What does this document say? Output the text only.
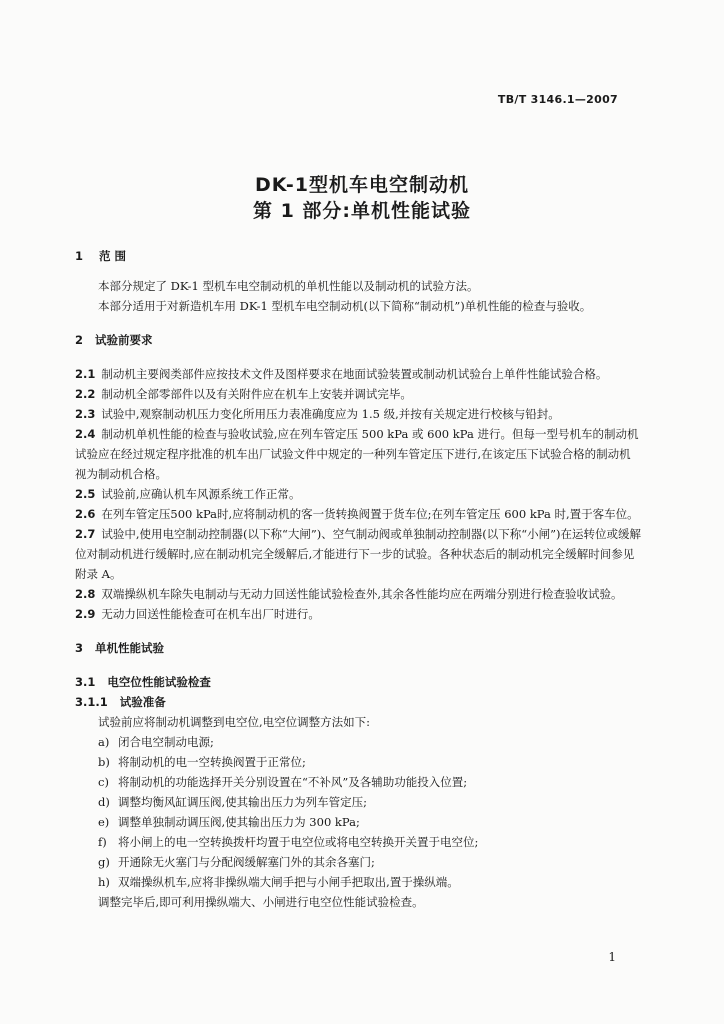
TB/T 3146.1—2007
DK-1型机车电空制动机
第 1 部分:单机性能试验
1 范 围

本部分规定了 DK-1 型机车电空制动机的单机性能以及制动机的试验方法。

本部分适用于对新造机车用 DK-1 型机车电空制动机(以下简称“制动机”)单机性能的检查与验收。

2 试验前要求

2.1 制动机主要阀类部件应按技术文件及图样要求在地面试验装置或制动机试验台上单件性能试验合格。

2.2 制动机全部零部件以及有关附件应在机车上安装并调试完毕。

2.3 试验中,观察制动机压力变化所用压力表准确度应为 1.5 级,并按有关规定进行校核与铅封。

2.4 制动机单机性能的检查与验收试验,应在列车管定压 500 kPa 或 600 kPa 进行。但每一型号机车的制动机试验应在经过规定程序批准的机车出厂试验文件中规定的一种列车管定压下进行,在该定压下试验合格的制动机视为制动机合格。

2.5 试验前,应确认机车风源系统工作正常。

2.6 在列车管定压500 kPa时,应将制动机的客一货转换阀置于货车位;在列车管定压 600 kPa 时,置于客车位。

2.7 试验中,使用电空制动控制器(以下称“大闸”)、空气制动阀或单独制动控制器(以下称“小闸”)在运转位或缓解位对制动机进行缓解时,应在制动机完全缓解后,才能进行下一步的试验。各种状态后的制动机完全缓解时间参见附录 A。

2.8 双端操纵机车除失电制动与无动力回送性能试验检查外,其余各性能均应在两端分别进行检查验收试验。

2.9 无动力回送性能检查可在机车出厂时进行。

3 单机性能试验
3.1 电空位性能试验检查
3.1.1 试验准备

试验前应将制动机调整到电空位,电空位调整方法如下:

a) 闭合电空制动电源;

b) 将制动机的电一空转换阀置于正常位;

c) 将制动机的功能选择开关分别设置在“不补风”及各辅助功能投入位置;

d) 调整均衡风缸调压阀,使其输出压力为列车管定压;

e) 调整单独制动调压阀,使其输出压力为 300 kPa;

f) 将小闸上的电一空转换拨杆均置于电空位或将电空转换开关置于电空位;

g) 开通除无火塞门与分配阀缓解塞门外的其余各塞门;

h) 双端操纵机车,应将非操纵端大闸手把与小闸手把取出,置于操纵端。

调整完毕后,即可利用操纵端大、小闸进行电空位性能试验检查。

1
